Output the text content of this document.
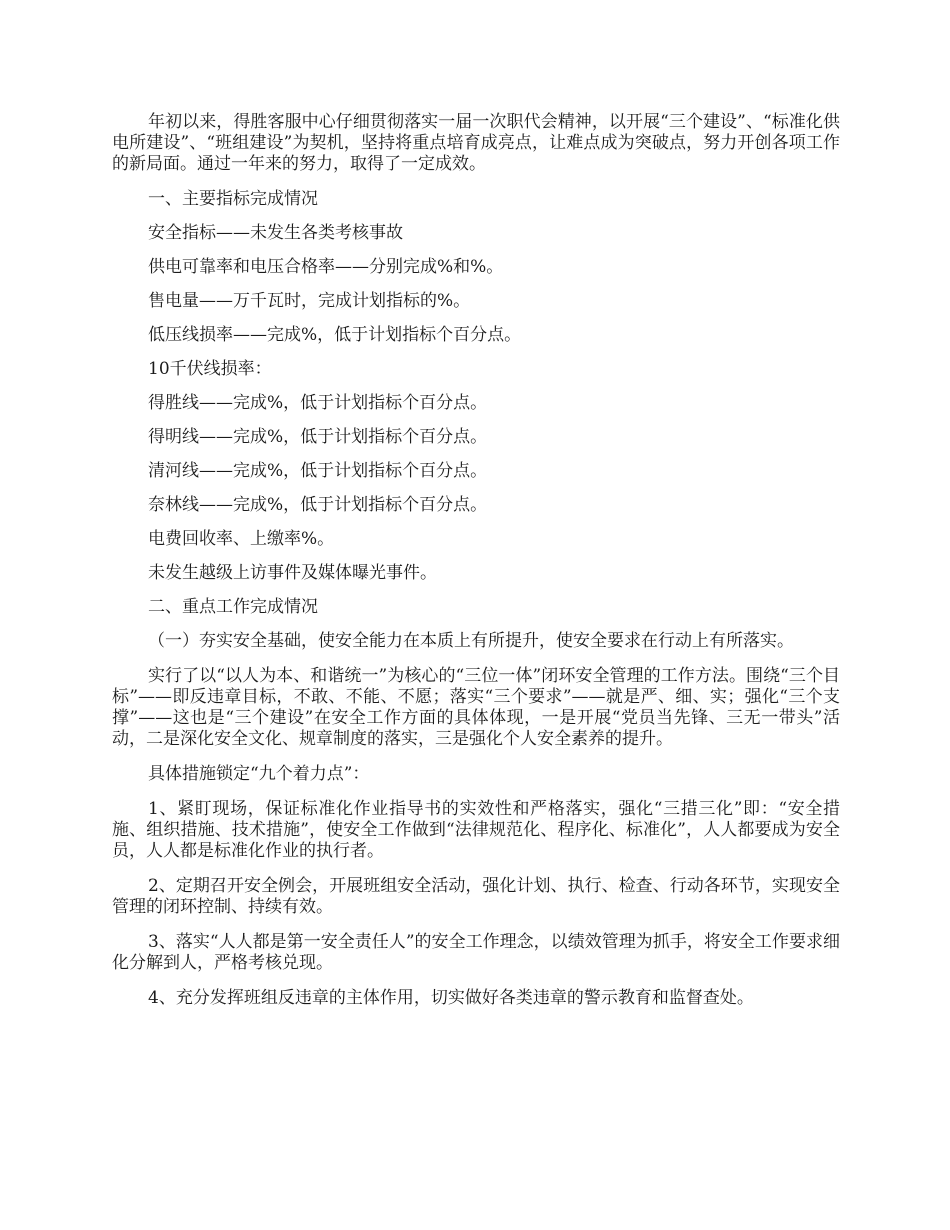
年初以来，得胜客服中心仔细贯彻落实一届一次职代会精神，以开展“三个建设”、“标准化供电所建设”、“班组建设”为契机，坚持将重点培育成亮点，让难点成为突破点，努力开创各项工作的新局面。通过一年来的努力，取得了一定成效。

一、主要指标完成情况

安全指标——未发生各类考核事故

供电可靠率和电压合格率——分别完成%和%。

售电量——万千瓦时，完成计划指标的%。

低压线损率——完成%，低于计划指标个百分点。

10千伏线损率：

得胜线——完成%，低于计划指标个百分点。

得明线——完成%，低于计划指标个百分点。

清河线——完成%，低于计划指标个百分点。

奈林线——完成%，低于计划指标个百分点。

电费回收率、上缴率%。

未发生越级上访事件及媒体曝光事件。

二、重点工作完成情况

（一）夯实安全基础，使安全能力在本质上有所提升，使安全要求在行动上有所落实。

实行了以“以人为本、和谐统一”为核心的“三位一体”闭环安全管理的工作方法。围绕“三个目标”——即反违章目标，不敢、不能、不愿；落实“三个要求”——就是严、细、实；强化“三个支撑”——这也是“三个建设”在安全工作方面的具体体现，一是开展“党员当先锋、三无一带头”活动，二是深化安全文化、规章制度的落实，三是强化个人安全素养的提升。

具体措施锁定“九个着力点”：

1、紧盯现场，保证标准化作业指导书的实效性和严格落实，强化“三措三化”即：“安全措施、组织措施、技术措施”，使安全工作做到“法律规范化、程序化、标准化”，人人都要成为安全员，人人都是标准化作业的执行者。

2、定期召开安全例会，开展班组安全活动，强化计划、执行、检查、行动各环节，实现安全管理的闭环控制、持续有效。

3、落实“人人都是第一安全责任人”的安全工作理念，以绩效管理为抓手，将安全工作要求细化分解到人，严格考核兑现。

4、充分发挥班组反违章的主体作用，切实做好各类违章的警示教育和监督查处。
